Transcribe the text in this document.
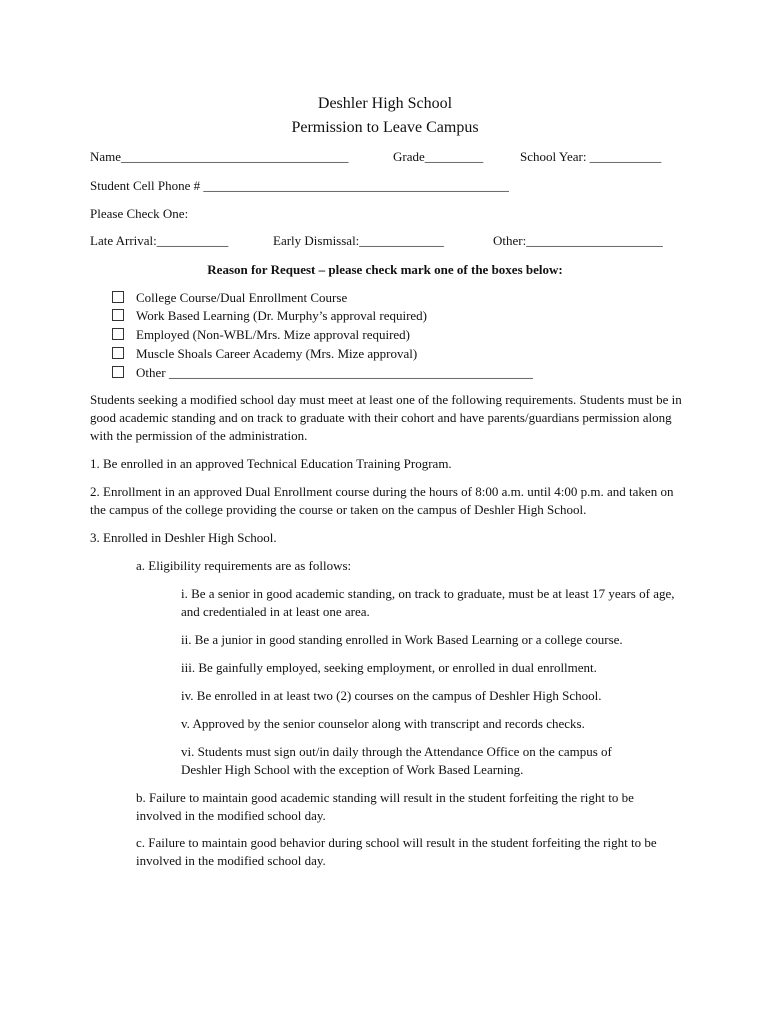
Deshler High School
Permission to Leave Campus
Name___________________________________	Grade_________	School Year: ___________
Student Cell Phone # _______________________________________________
Please Check One:
Late Arrival:___________	Early Dismissal:_____________	Other:_____________________
Reason for Request – please check mark one of the boxes below:
College Course/Dual Enrollment Course
Work Based Learning (Dr. Murphy’s approval required)
Employed (Non-WBL/Mrs. Mize approval required)
Muscle Shoals Career Academy (Mrs. Mize approval)
Other ________________________________________________________
Students seeking a modified school day must meet at least one of the following requirements. Students must be in good academic standing and on track to graduate with their cohort and have parents/guardians permission along with the permission of the administration.
1. Be enrolled in an approved Technical Education Training Program.
2. Enrollment in an approved Dual Enrollment course during the hours of 8:00 a.m. until 4:00 p.m. and taken on the campus of the college providing the course or taken on the campus of Deshler High School.
3. Enrolled in Deshler High School.
a. Eligibility requirements are as follows:
i. Be a senior in good academic standing, on track to graduate, must be at least 17 years of age, and credentialed in at least one area.
ii. Be a junior in good standing enrolled in Work Based Learning or a college course.
iii. Be gainfully employed, seeking employment, or enrolled in dual enrollment.
iv. Be enrolled in at least two (2) courses on the campus of Deshler High School.
v. Approved by the senior counselor along with transcript and records checks.
vi. Students must sign out/in daily through the Attendance Office on the campus of Deshler High School with the exception of Work Based Learning.
b. Failure to maintain good academic standing will result in the student forfeiting the right to be involved in the modified school day.
c. Failure to maintain good behavior during school will result in the student forfeiting the right to be involved in the modified school day.
